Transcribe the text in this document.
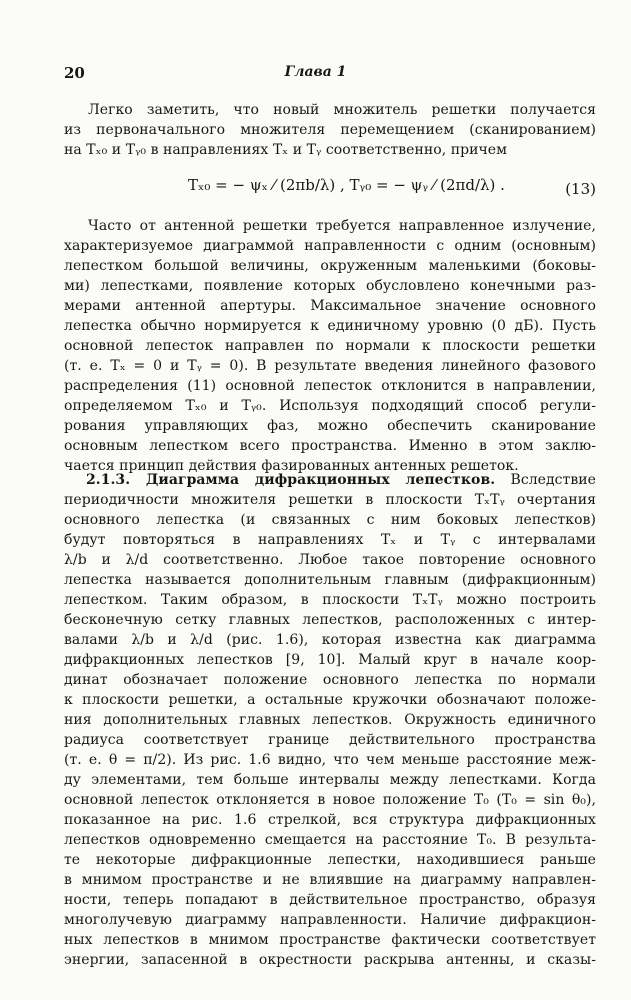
20	Глава 1
Легко заметить, что новый множитель решетки получается
из первоначального множителя перемещением (сканированием)
на Tₓ₀ и Tᵧ₀ в направлениях Tₓ и Tᵧ соответственно, причем
Tₓ₀ = − ψₓ ⁄ (2πb/λ) , Tᵧ₀ = − ψᵧ ⁄ (2πd/λ) .	(13)
Часто от антенной решетки требуется направленное излучение,
характеризуемое диаграммой направленности с одним (основным)
лепестком большой величины, окруженным маленькими (боковы-
ми) лепестками, появление которых обусловлено конечными раз-
мерами антенной апертуры. Максимальное значение основного
лепестка обычно нормируется к единичному уровню (0 дБ). Пусть
основной лепесток направлен по нормали к плоскости решетки
(т. е. Tₓ = 0 и Tᵧ = 0). В результате введения линейного фазового
распределения (11) основной лепесток отклонится в направлении,
определяемом Tₓ₀ и Tᵧ₀. Используя подходящий способ регули-
рования управляющих фаз, можно обеспечить сканирование
основным лепестком всего пространства. Именно в этом заклю-
чается принцип действия фазированных антенных решеток.
2.1.3. Диаграмма дифракционных лепестков. Вследствие
периодичности множителя решетки в плоскости TₓTᵧ очертания
основного лепестка (и связанных с ним боковых лепестков)
будут повторяться в направлениях Tₓ и Tᵧ с интервалами
λ/b и λ/d соответственно. Любое такое повторение основного
лепестка называется дополнительным главным (дифракционным)
лепестком. Таким образом, в плоскости TₓTᵧ можно построить
бесконечную сетку главных лепестков, расположенных с интер-
валами λ/b и λ/d (рис. 1.6), которая известна как диаграмма
дифракционных лепестков [9, 10]. Малый круг в начале коор-
динат обозначает положение основного лепестка по нормали
к плоскости решетки, а остальные кружочки обозначают положе-
ния дополнительных главных лепестков. Окружность единичного
радиуса соответствует границе действительного пространства
(т. е. θ = π/2). Из рис. 1.6 видно, что чем меньше расстояние меж-
ду элементами, тем больше интервалы между лепестками. Когда
основной лепесток отклоняется в новое положение T₀ (T₀ = sin θ₀),
показанное на рис. 1.6 стрелкой, вся структура дифракционных
лепестков одновременно смещается на расстояние T₀. В результа-
те некоторые дифракционные лепестки, находившиеся раньше
в мнимом пространстве и не влиявшие на диаграмму направлен-
ности, теперь попадают в действительное пространство, образуя
многолучевую диаграмму направленности. Наличие дифракцион-
ных лепестков в мнимом пространстве фактически соответствует
энергии, запасенной в окрестности раскрыва антенны, и сказы-
